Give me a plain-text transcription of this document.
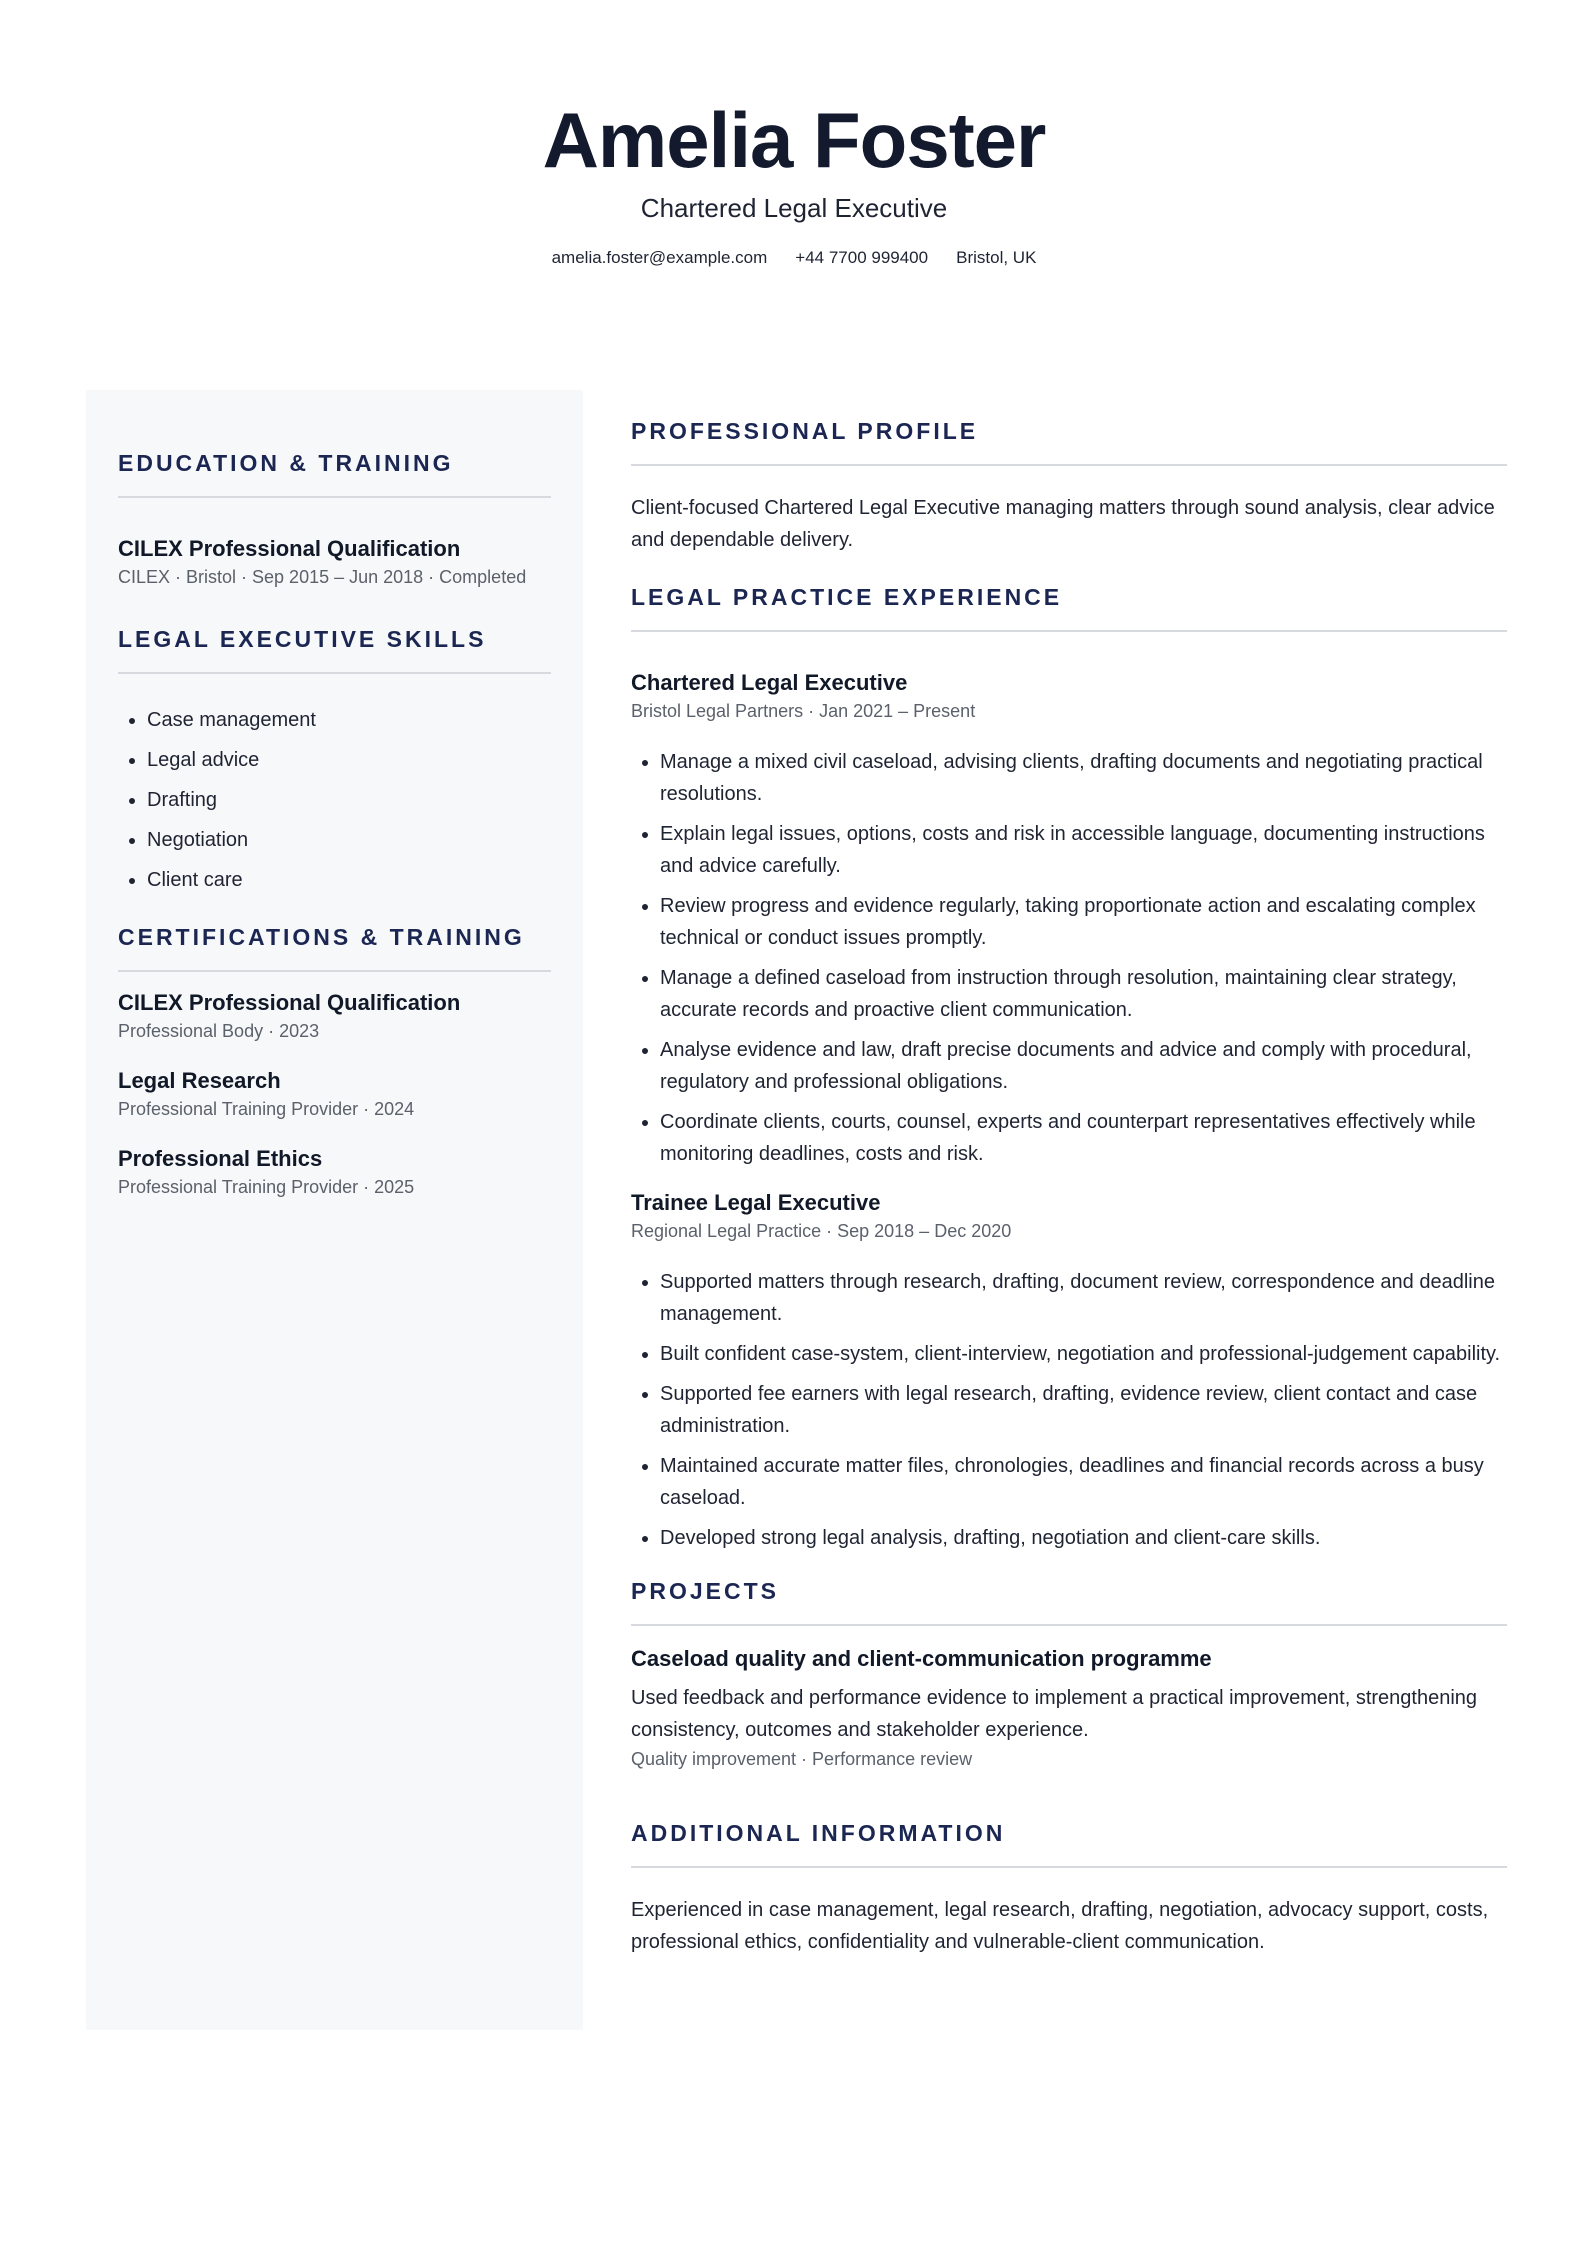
Amelia Foster
Chartered Legal Executive
amelia.foster@example.com +44 7700 999400 Bristol, UK
EDUCATION & TRAINING
CILEX Professional Qualification
CILEX · Bristol · Sep 2015 – Jun 2018 · Completed
LEGAL EXECUTIVE SKILLS
• Case management
• Legal advice
• Drafting
• Negotiation
• Client care
CERTIFICATIONS & TRAINING
CILEX Professional Qualification
Professional Body · 2023
Legal Research
Professional Training Provider · 2024
Professional Ethics
Professional Training Provider · 2025
PROFESSIONAL PROFILE

Client-focused Chartered Legal Executive managing matters through sound analysis, clear advice and dependable delivery.

LEGAL PRACTICE EXPERIENCE
Chartered Legal Executive
Bristol Legal Partners · Jan 2021 – Present
• Manage a mixed civil caseload, advising clients, drafting documents and negotiating practical resolutions.
• Explain legal issues, options, costs and risk in accessible language, documenting instructions and advice carefully.
• Review progress and evidence regularly, taking proportionate action and escalating complex technical or conduct issues promptly.
• Manage a defined caseload from instruction through resolution, maintaining clear strategy, accurate records and proactive client communication.
• Analyse evidence and law, draft precise documents and advice and comply with procedural, regulatory and professional obligations.
• Coordinate clients, courts, counsel, experts and counterpart representatives effectively while monitoring deadlines, costs and risk.
Trainee Legal Executive
Regional Legal Practice · Sep 2018 – Dec 2020
• Supported matters through research, drafting, document review, correspondence and deadline management.
• Built confident case-system, client-interview, negotiation and professional-judgement capability.
• Supported fee earners with legal research, drafting, evidence review, client contact and case administration.
• Maintained accurate matter files, chronologies, deadlines and financial records across a busy caseload.
• Developed strong legal analysis, drafting, negotiation and client-care skills.
PROJECTS
Caseload quality and client-communication programme

Used feedback and performance evidence to implement a practical improvement, strengthening consistency, outcomes and stakeholder experience.

Quality improvement · Performance review
ADDITIONAL INFORMATION

Experienced in case management, legal research, drafting, negotiation, advocacy support, costs, professional ethics, confidentiality and vulnerable-client communication.
